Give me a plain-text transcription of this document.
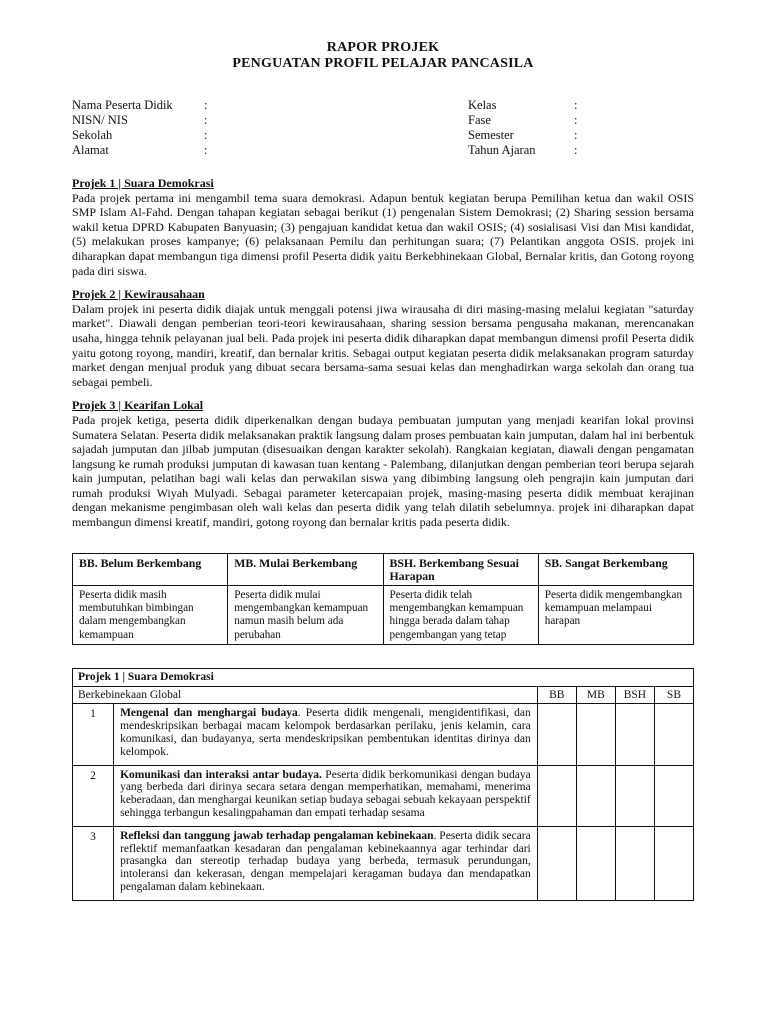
RAPOR PROJEK
PENGUATAN PROFIL PELAJAR PANCASILA
Nama Peserta Didik	:	Kelas	:
NISN/ NIS	:	Fase	:
Sekolah	:	Semester	:
Alamat	:	Tahun Ajaran	:
Projek 1 | Suara Demokrasi

Pada projek pertama ini mengambil tema suara demokrasi. Adapun bentuk kegiatan berupa Pemilihan ketua dan wakil OSIS SMP Islam Al-Fahd. Dengan tahapan kegiatan sebagai berikut (1) pengenalan Sistem Demokrasi; (2) Sharing session bersama wakil ketua DPRD Kabupaten Banyuasin; (3) pengajuan kandidat ketua dan wakil OSIS; (4) sosialisasi Visi dan Misi kandidat, (5) melakukan proses kampanye; (6) pelaksanaan Pemilu dan perhitungan suara; (7) Pelantikan anggota OSIS. projek ini diharapkan dapat membangun tiga dimensi profil Peserta didik yaitu Berkebhinekaan Global, Bernalar kritis, dan Gotong royong pada diri siswa.

Projek 2 | Kewirausahaan

Dalam projek ini peserta didik diajak untuk menggali potensi jiwa wirausaha di diri masing-masing melalui kegiatan "saturday market". Diawali dengan pemberian teori-teori kewirausahaan, sharing session bersama pengusaha makanan, merencanakan usaha, hingga tehnik pelayanan jual beli. Pada projek ini peserta didik diharapkan dapat membangun dimensi profil Peserta didik yaitu gotong royong, mandiri, kreatif, dan bernalar kritis. Sebagai output kegiatan peserta didik melaksanakan program saturday market dengan menjual produk yang dibuat secara bersama-sama sesuai kelas dan menghadirkan warga sekolah dan orang tua sebagai pembeli.

Projek 3 | Kearifan Lokal

Pada projek ketiga, peserta didik diperkenalkan dengan budaya pembuatan jumputan yang menjadi kearifan lokal provinsi Sumatera Selatan. Peserta didik melaksanakan praktik langsung dalam proses pembuatan kain jumputan, dalam hal ini berbentuk sajadah jumputan dan jilbab jumputan (disesuaikan dengan karakter sekolah). Rangkaian kegiatan, diawali dengan pengamatan langsung ke rumah produksi jumputan di kawasan tuan kentang - Palembang, dilanjutkan dengan pemberian teori berupa sejarah kain jumputan, pelatihan bagi wali kelas dan perwakilan siswa yang dibimbing langsung oleh pengrajin kain jumputan dari rumah produksi Wiyah Mulyadi. Sebagai parameter ketercapaian projek, masing-masing peserta didik membuat kerajinan dengan mekanisme pengimbasan oleh wali kelas dan peserta didik yang telah dilatih sebelumnya. projek ini diharapkan dapat membangun dimensi kreatif, mandiri, gotong royong dan bernalar kritis pada peserta didik.

BB. Belum Berkembang	MB. Mulai Berkembang	BSH. Berkembang Sesuai Harapan	SB. Sangat Berkembang
Peserta didik masih membutuhkan bimbingan dalam mengembangkan kemampuan	Peserta didik mulai mengembangkan kemampuan namun masih belum ada perubahan	Peserta didik telah mengembangkan kemampuan hingga berada dalam tahap pengembangan yang tetap	Peserta didik mengembangkan kemampuan melampaui harapan
Projek 1 | Suara Demokrasi					
Berkebinekaan Global		BB	MB	BSH	SB
1	Mengenal dan menghargai budaya. Peserta didik mengenali, mengidentifikasi, dan mendeskripsikan berbagai macam kelompok berdasarkan perilaku, jenis kelamin, cara komunikasi, dan budayanya, serta mendeskripsikan pembentukan identitas dirinya dan kelompok.				
2	Komunikasi dan interaksi antar budaya. Peserta didik berkomunikasi dengan budaya yang berbeda dari dirinya secara setara dengan memperhatikan, memahami, menerima keberadaan, dan menghargai keunikan setiap budaya sebagai sebuah kekayaan perspektif sehingga terbangun kesalingpahaman dan empati terhadap sesama				
3	Refleksi dan tanggung jawab terhadap pengalaman kebinekaan. Peserta didik secara reflektif memanfaatkan kesadaran dan pengalaman kebinekaannya agar terhindar dari prasangka dan stereotip terhadap budaya yang berbeda, termasuk perundungan, intoleransi dan kekerasan, dengan mempelajari keragaman budaya dan mendapatkan pengalaman dalam kebinekaan.				
